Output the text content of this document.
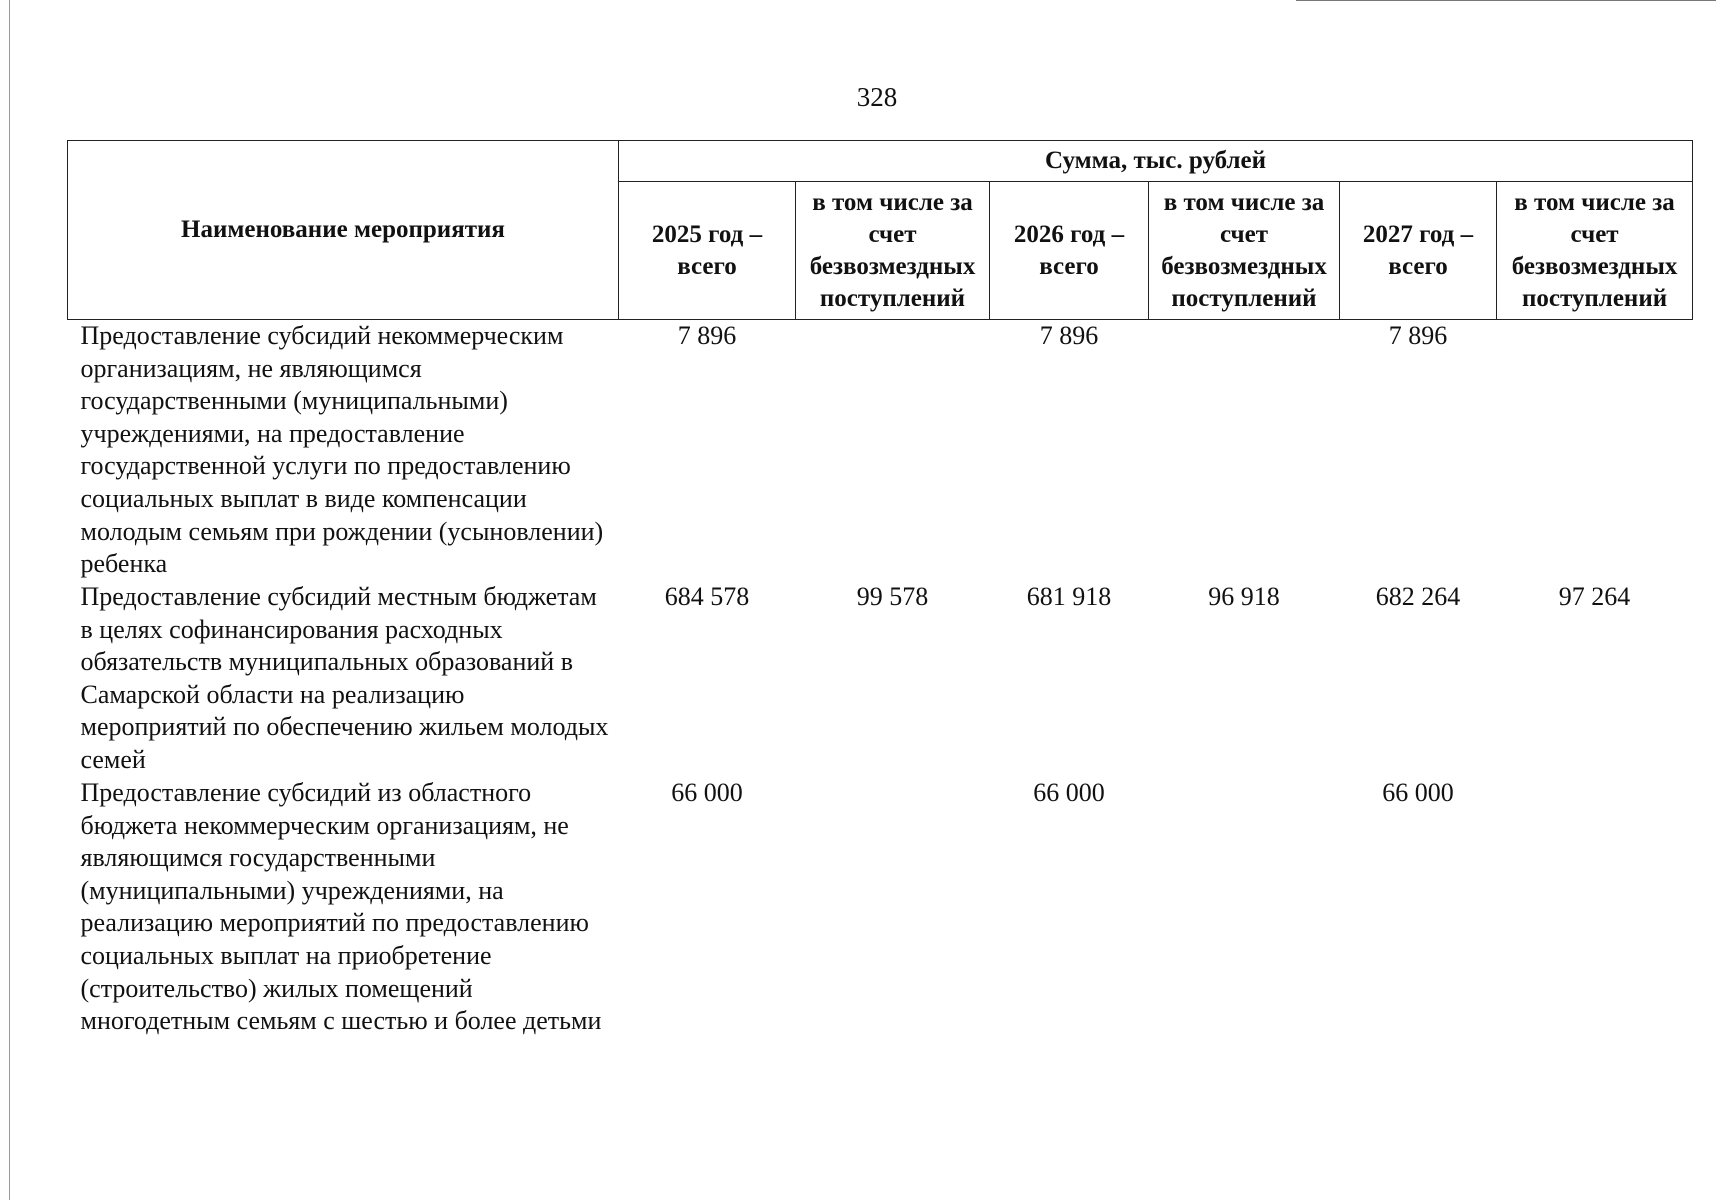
328
Наименование мероприятия	Сумма, тыс. рублей					
	2025 год – всего	в том числе за счет безвозмездных поступлений	2026 год – всего	в том числе за счет безвозмездных поступлений	2027 год – всего	в том числе за счет безвозмездных поступлений
Предоставление субсидий некоммерческим организациям, не являющимся государственными (муниципальными) учреждениями, на предоставление государственной услуги по предоставлению социальных выплат в виде компенсации молодым семьям при рождении (усыновлении) ребенка	7 896		7 896		7 896	
Предоставление субсидий местным бюджетам в целях софинансирования расходных обязательств муниципальных образований в Самарской области на реализацию мероприятий по обеспечению жильем молодых семей	684 578	99 578	681 918	96 918	682 264	97 264
Предоставление субсидий из областного бюджета некоммерческим организациям, не являющимся государственными (муниципальными) учреждениями, на реализацию мероприятий по предоставлению социальных выплат на приобретение (строительство) жилых помещений многодетным семьям с шестью и более детьми	66 000		66 000		66 000	
